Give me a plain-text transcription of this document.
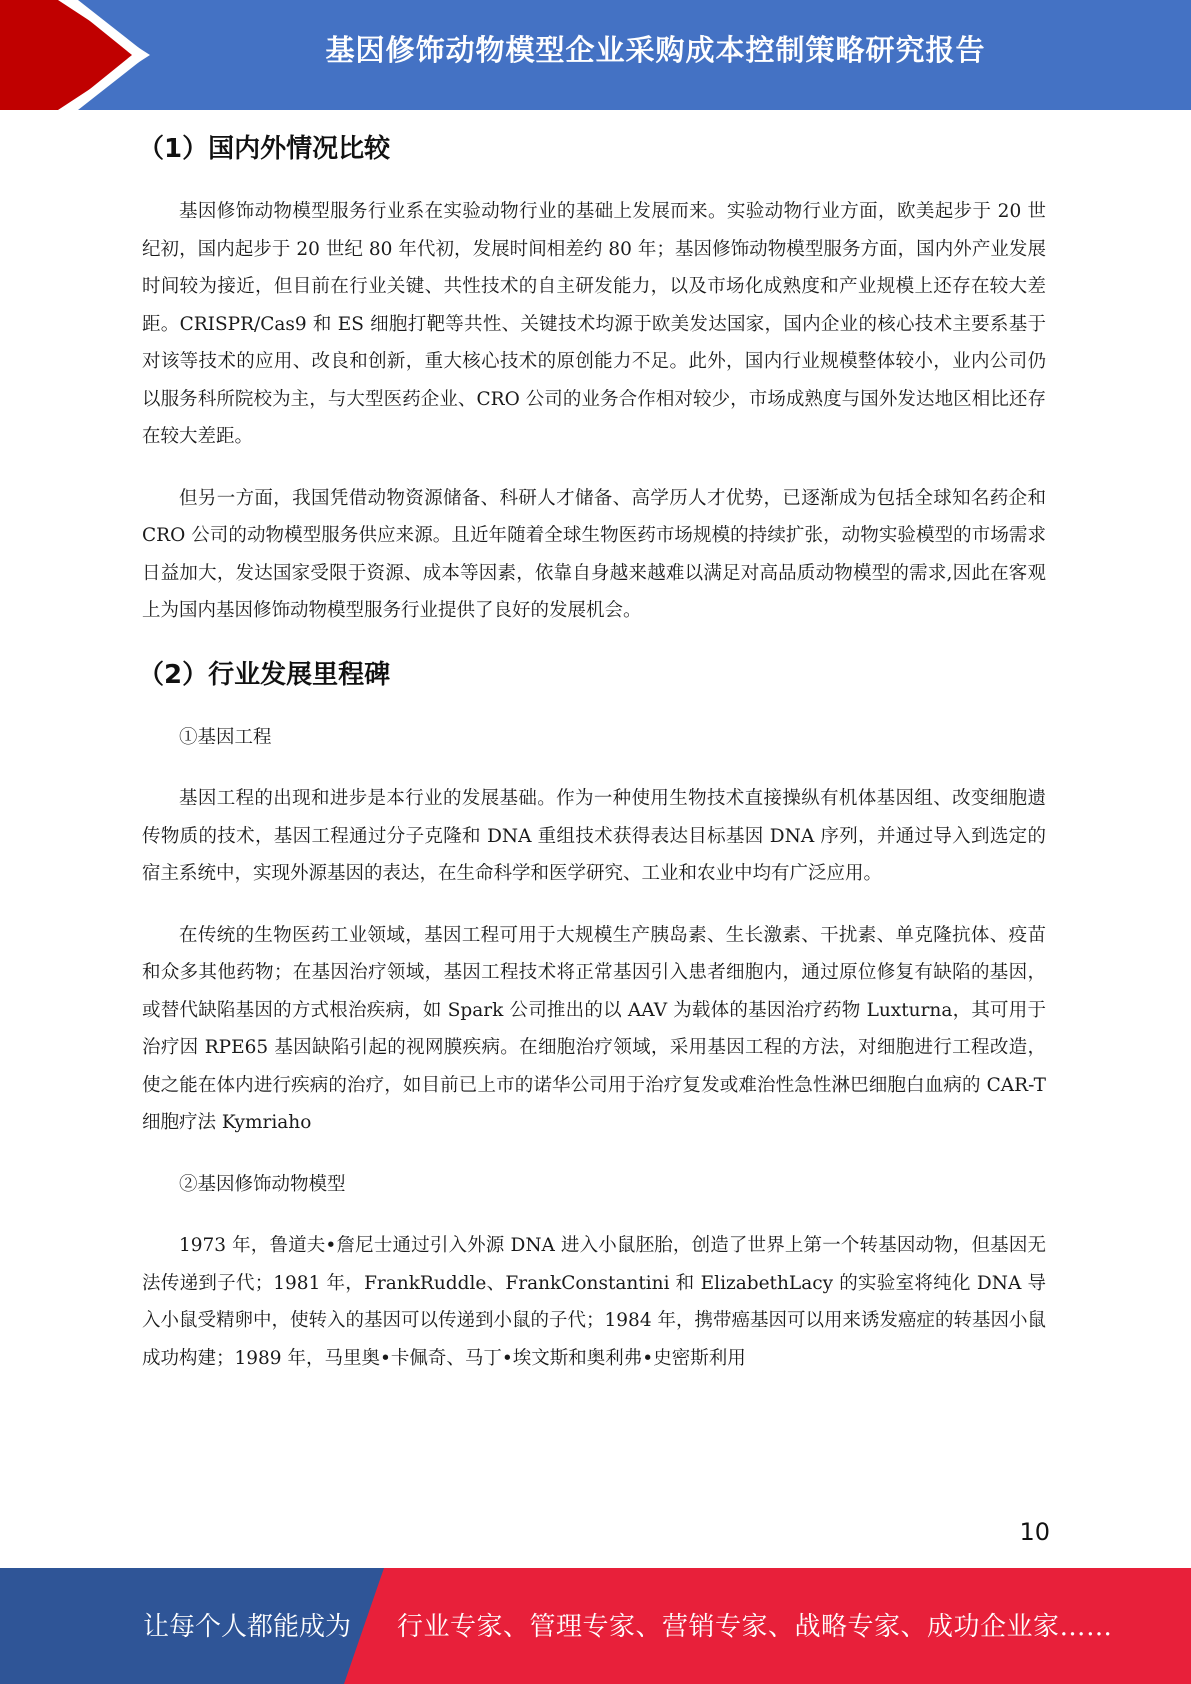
基因修饰动物模型企业采购成本控制策略研究报告
（1）国内外情况比较

基因修饰动物模型服务行业系在实验动物行业的基础上发展而来。实验动物行业方面，欧美起步于 20 世纪初，国内起步于 20 世纪 80 年代初，发展时间相差约 80 年；基因修饰动物模型服务方面，国内外产业发展时间较为接近，但目前在行业关键、共性技术的自主研发能力，以及市场化成熟度和产业规模上还存在较大差距。CRISPR/Cas9 和 ES 细胞打靶等共性、关键技术均源于欧美发达国家，国内企业的核心技术主要系基于对该等技术的应用、改良和创新，重大核心技术的原创能力不足。此外，国内行业规模整体较小，业内公司仍以服务科所院校为主，与大型医药企业、CRO 公司的业务合作相对较少，市场成熟度与国外发达地区相比还存在较大差距。

但另一方面，我国凭借动物资源储备、科研人才储备、高学历人才优势，已逐渐成为包括全球知名药企和 CRO 公司的动物模型服务供应来源。且近年随着全球生物医药市场规模的持续扩张，动物实验模型的市场需求日益加大，发达国家受限于资源、成本等因素，依靠自身越来越难以满足对高品质动物模型的需求,因此在客观上为国内基因修饰动物模型服务行业提供了良好的发展机会。

（2）行业发展里程碑

①基因工程

基因工程的出现和进步是本行业的发展基础。作为一种使用生物技术直接操纵有机体基因组、改变细胞遗传物质的技术，基因工程通过分子克隆和 DNA 重组技术获得表达目标基因 DNA 序列，并通过导入到选定的宿主系统中，实现外源基因的表达，在生命科学和医学研究、工业和农业中均有广泛应用。

在传统的生物医药工业领域，基因工程可用于大规模生产胰岛素、生长激素、干扰素、单克隆抗体、疫苗和众多其他药物；在基因治疗领域，基因工程技术将正常基因引入患者细胞内，通过原位修复有缺陷的基因，或替代缺陷基因的方式根治疾病，如 Spark 公司推出的以 AAV 为载体的基因治疗药物 Luxturna，其可用于治疗因 RPE65 基因缺陷引起的视网膜疾病。在细胞治疗领域，采用基因工程的方法，对细胞进行工程改造，使之能在体内进行疾病的治疗，如目前已上市的诺华公司用于治疗复发或难治性急性淋巴细胞白血病的 CAR-T 细胞疗法 Kymriaho

②基因修饰动物模型

1973 年，鲁道夫•詹尼士通过引入外源 DNA 进入小鼠胚胎，创造了世界上第一个转基因动物，但基因无法传递到子代；1981 年，FrankRuddle、FrankConstantini 和 ElizabethLacy 的实验室将纯化 DNA 导入小鼠受精卵中，使转入的基因可以传递到小鼠的子代；1984 年，携带癌基因可以用来诱发癌症的转基因小鼠成功构建；1989 年，马里奥•卡佩奇、马丁•埃文斯和奥利弗•史密斯利用

10
让每个人都能成为 行业专家、管理专家、营销专家、战略专家、成功企业家……
